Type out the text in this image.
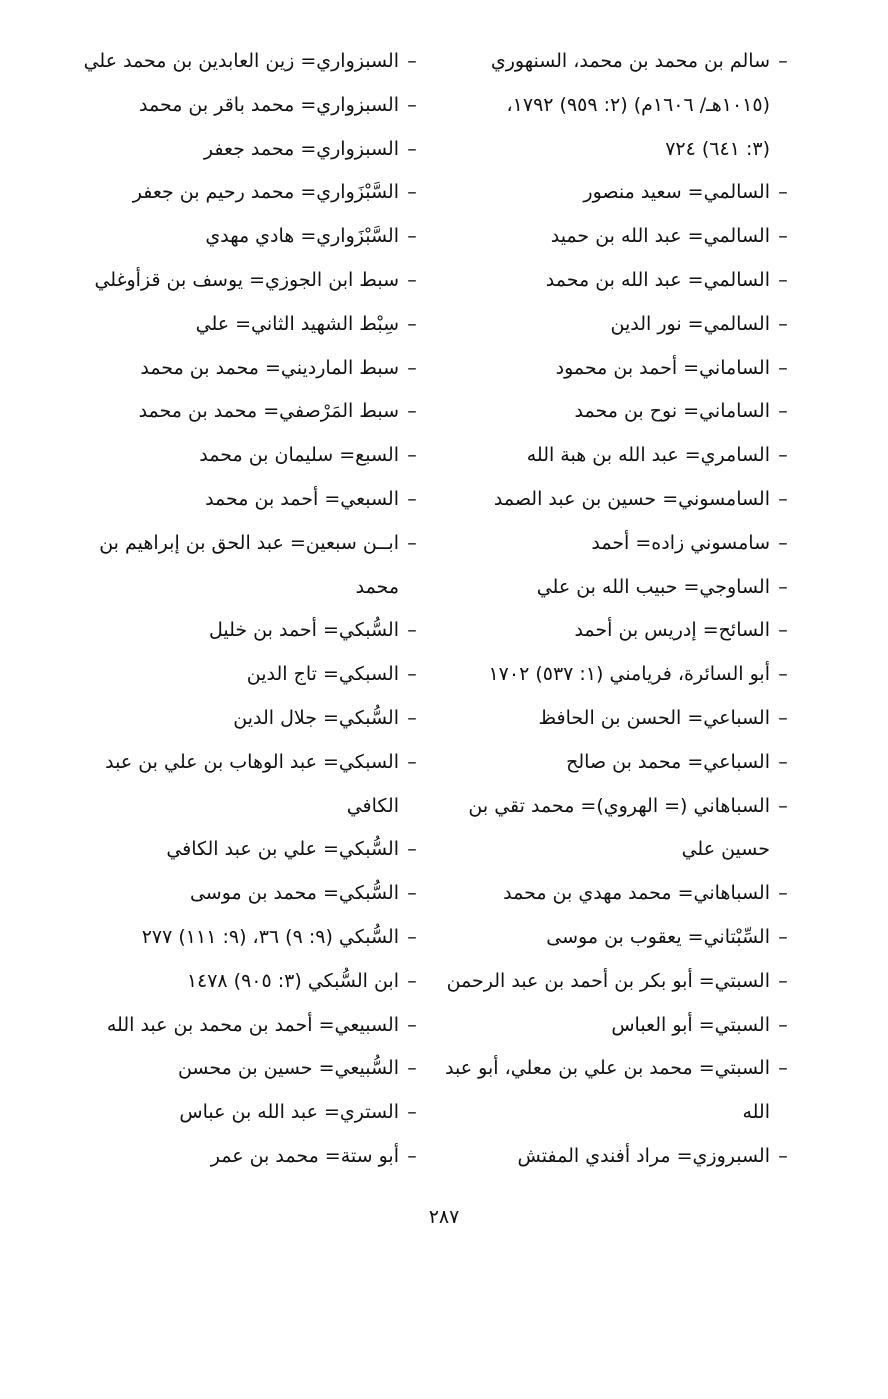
–سالم بن محمد بن محمد، السنهوري
(١٠١٥هـ/ ١٦٠٦م) (٢: ٩٥٩) ١٧٩٢،
(٣: ٦٤١) ٧٢٤
–السالمي= سعيد منصور
–السالمي= عبد الله بن حميد
–السالمي= عبد الله بن محمد
–السالمي= نور الدين
–الساماني= أحمد بن محمود
–الساماني= نوح بن محمد
–السامري= عبد الله بن هبة الله
–السامسوني= حسين بن عبد الصمد
–سامسوني زاده= أحمد
–الساوجي= حبيب الله بن علي
–السائح= إدريس بن أحمد
–أبو السائرة، فريامني (١: ٥٣٧) ١٧٠٢
–السباعي= الحسن بن الحافظ
–السباعي= محمد بن صالح
–السباهاني (= الهروي)= محمد تقي بن
حسين علي
–السباهاني= محمد مهدي بن محمد
–السِّبْتاني= يعقوب بن موسى
–السبتي= أبو بكر بن أحمد بن عبد الرحمن
–السبتي= أبو العباس
–السبتي= محمد بن علي بن معلي، أبو عبد
الله
–السبروزي= مراد أفندي المفتش
–السبزواري= زين العابدين بن محمد علي
–السبزواري= محمد باقر بن محمد
–السبزواري= محمد جعفر
–السَّبْزَواري= محمد رحيم بن جعفر
–السَّبْزَواري= هادي مهدي
–سبط ابن الجوزي= يوسف بن قزأوغلي
–سِبْط الشهيد الثاني= علي
–سبط المارديني= محمد بن محمد
–سبط المَرْصفي= محمد بن محمد
–السبع= سليمان بن محمد
–السبعي= أحمد بن محمد
–ابــن سبعين= عبد الحق بن إبراهيم بن
محمد
–السُّبكي= أحمد بن خليل
–السبكي= تاج الدين
–السُّبكي= جلال الدين
–السبكي= عبد الوهاب بن علي بن عبد
الكافي
–السُّبكي= علي بن عبد الكافي
–السُّبكي= محمد بن موسى
–السُّبكي (٩: ٩) ٣٦، (٩: ١١١) ٢٧٧
–ابن السُّبكي (٣: ٩٠٥) ١٤٧٨
–السبيعي= أحمد بن محمد بن عبد الله
–السُّبيعي= حسين بن محسن
–الستري= عبد الله بن عباس
–أبو ستة= محمد بن عمر
٢٨٧
